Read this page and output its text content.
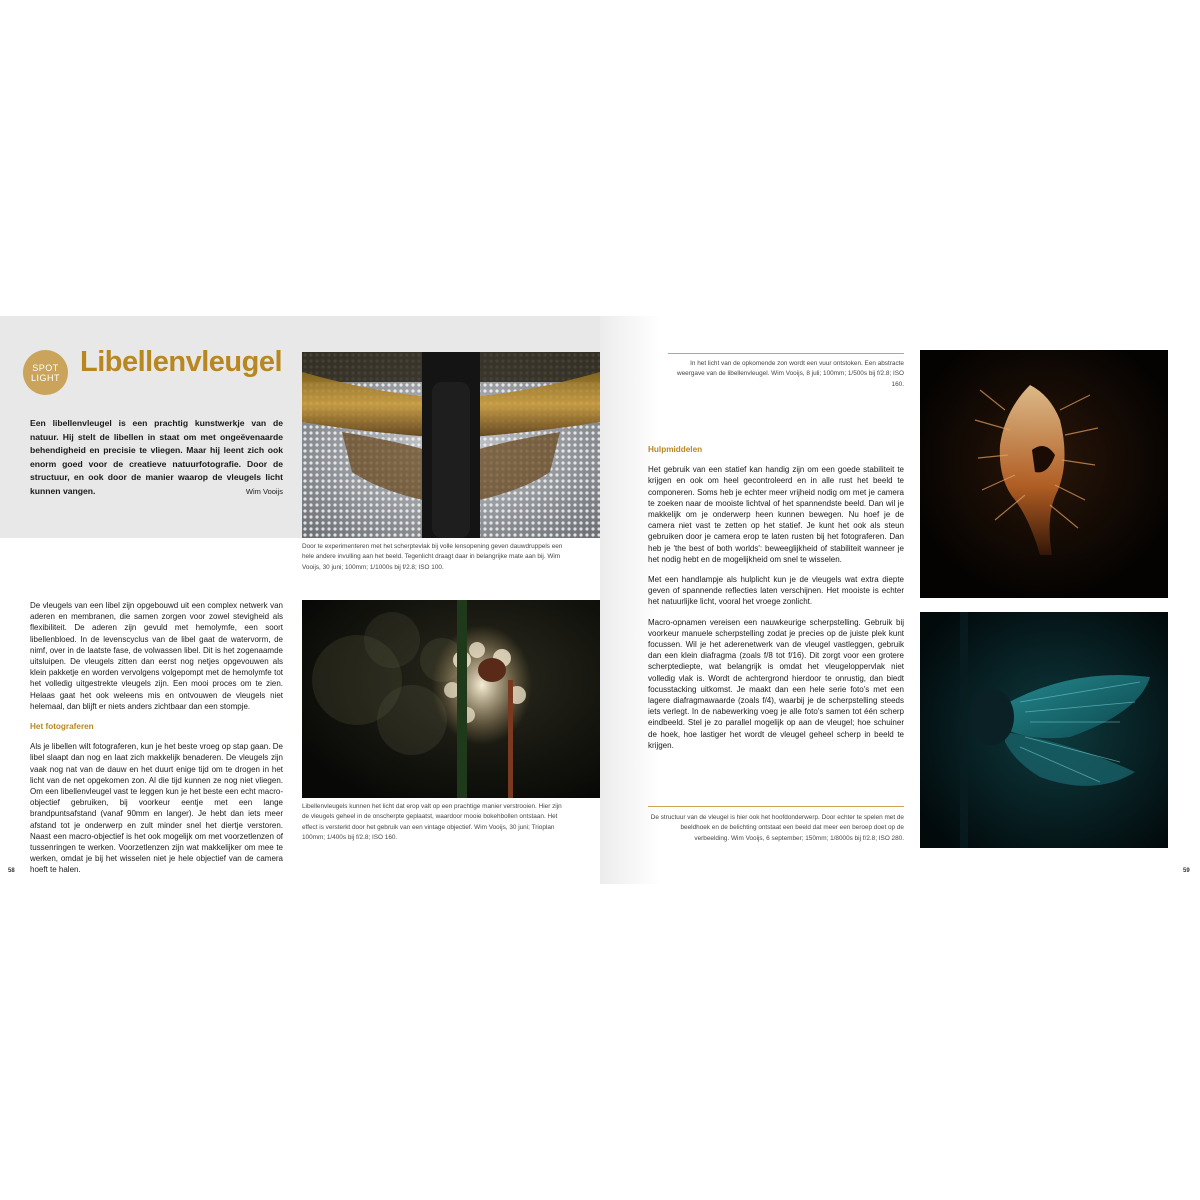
SPOT
LIGHT Libellenvleugel
Een libellenvleugel is een prachtig kunstwerkje van de natuur. Hij stelt de libellen in staat om met ongeëvenaarde behendigheid en precisie te vliegen. Maar hij leent zich ook enorm goed voor de creatieve natuurfotografie. Door de structuur, en ook door de manier waarop de vleugels licht kunnen vangen.	Wim Vooijs
Door te experimenteren met het scherptevlak bij volle lensopening geven dauwdruppels een hele andere invulling aan het beeld. Tegenlicht draagt daar in belangrijke mate aan bij. Wim Vooijs, 30 juni; 100mm; 1/1000s bij f/2.8; ISO 100.

De vleugels van een libel zijn opgebouwd uit een complex netwerk van aderen en membranen, die samen zorgen voor zowel stevigheid als flexibiliteit. De aderen zijn gevuld met hemolymfe, een soort libellenbloed. In de levenscyclus van de libel gaat de watervorm, de nimf, over in de laatste fase, de volwassen libel. Dit is het zogenaamde uitsluipen. De vleugels zitten dan eerst nog netjes opgevouwen als klein pakketje en worden vervolgens volgepompt met de hemolymfe tot het volledig uitgestrekte vleugels zijn. Een mooi proces om te zien. Helaas gaat het ook weleens mis en ontvouwen de vleugels niet helemaal, dan blijft er niets anders zichtbaar dan een stompje.

Het fotograferen

Als je libellen wilt fotograferen, kun je het beste vroeg op stap gaan. De libel slaapt dan nog en laat zich makkelijk benaderen. De vleugels zijn vaak nog nat van de dauw en het duurt enige tijd om te drogen in het licht van de net opgekomen zon. Al die tijd kunnen ze nog niet vliegen. Om een libellenvleugel vast te leggen kun je het beste een echt macro-objectief gebruiken, bij voorkeur eentje met een lange brandpuntsafstand (vanaf 90mm en langer). Je hebt dan iets meer afstand tot je onderwerp en zult minder snel het diertje verstoren. Naast een macro-objectief is het ook mogelijk om met voorzetlenzen of tussenringen te werken. Voorzetlenzen zijn wat makkelijker om mee te werken, omdat je bij het wisselen niet je hele objectief van de camera hoeft te halen.

Libellenvleugels kunnen het licht dat erop valt op een prachtige manier verstrooien. Hier zijn de vleugels geheel in de onscherpte geplaatst, waardoor mooie bokehbollen ontstaan. Het effect is versterkt door het gebruik van een vintage objectief. Wim Vooijs, 30 juni; Trioplan 100mm; 1/400s bij f/2.8; ISO 160.
58
In het licht van de opkomende zon wordt een vuur ontstoken. Een abstracte weergave van de libellenvleugel. Wim Vooijs, 8 juli; 100mm; 1/500s bij f/2.8; ISO 160.

Hulpmiddelen

Het gebruik van een statief kan handig zijn om een goede stabiliteit te krijgen en ook om heel gecontroleerd en in alle rust het beeld te componeren. Soms heb je echter meer vrijheid nodig om met je camera te zoeken naar de mooiste lichtval of het spannendste beeld. Dan wil je makkelijk om je onderwerp heen kunnen bewegen. Nu hoef je de camera niet vast te zetten op het statief. Je kunt het ook als steun gebruiken door je camera erop te laten rusten bij het fotograferen. Dan heb je 'the best of both worlds': beweeglijkheid of stabiliteit wanneer je het nodig hebt en de mogelijkheid om snel te wisselen.

Met een handlampje als hulplicht kun je de vleugels wat extra diepte geven of spannende reflecties laten verschijnen. Het mooiste is echter het natuurlijke licht, vooral het vroege zonlicht.

Macro-opnamen vereisen een nauwkeurige scherpstelling. Gebruik bij voorkeur manuele scherpstelling zodat je precies op de juiste plek kunt focussen. Wil je het aderenetwerk van de vleugel vastleggen, gebruik dan een klein diafragma (zoals f/8 tot f/16). Dit zorgt voor een grotere scherptediepte, wat belangrijk is omdat het vleugeloppervlak niet volledig vlak is. Wordt de achtergrond hierdoor te onrustig, dan biedt focusstacking uitkomst. Je maakt dan een hele serie foto's met een lagere diafragmawaarde (zoals f/4), waarbij je de scherpstelling steeds iets verlegt. In de nabewerking voeg je alle foto's samen tot één scherp eindbeeld. Stel je zo parallel mogelijk op aan de vleugel; hoe schuiner de hoek, hoe lastiger het wordt de vleugel geheel scherp in beeld te krijgen.

De structuur van de vleugel is hier ook het hoofdonderwerp. Door echter te spelen met de beeldhoek en de belichting ontstaat een beeld dat meer een beroep doet op de verbeelding. Wim Vooijs, 6 september; 150mm; 1/8000s bij f/2.8; ISO 280.
59
